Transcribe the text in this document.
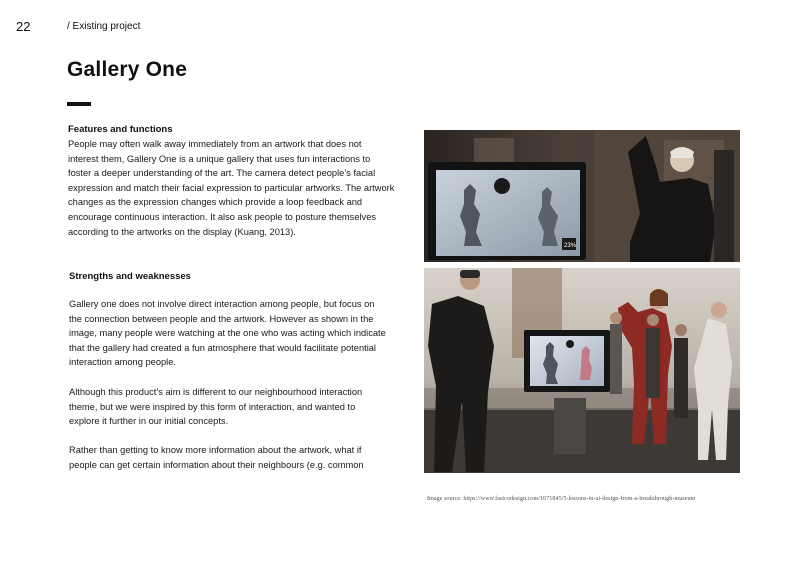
22	/ Existing project
Gallery One
Features and functions
People may often walk away immediately from an artwork that does not
interest them, Gallery One is a unique gallery that uses fun interactions to
foster a deeper understanding of the art. The camera detect people’s facial
expression and match their facial expression to particular artworks. The artwork
changes as the expression changes which provide a loop feedback and
encourage continuous interaction. It also ask people to posture themselves
according to the artworks on the display (Kuang, 2013).
Strengths and weaknesses
Gallery one does not involve direct interaction among people, but focus on
the connection between people and the artwork. However as shown in the
image, many people were watching at the one who was acting which indicate
that the gallery had created a fun atmosphere that would facilitate potential
interaction among people.
Although this product’s aim is different to our neighbourhood interaction
theme, but we were inspired by this form of interaction, and wanted to
explore it further in our initial concepts.
Rather than getting to know more information about the artwork, what if
people can get certain information about their neighbours (e.g. common
23%
Image source: https://www.fastcodesign.com/1671845/5-lessons-in-ui-design-from-a-breakthrough-museum
